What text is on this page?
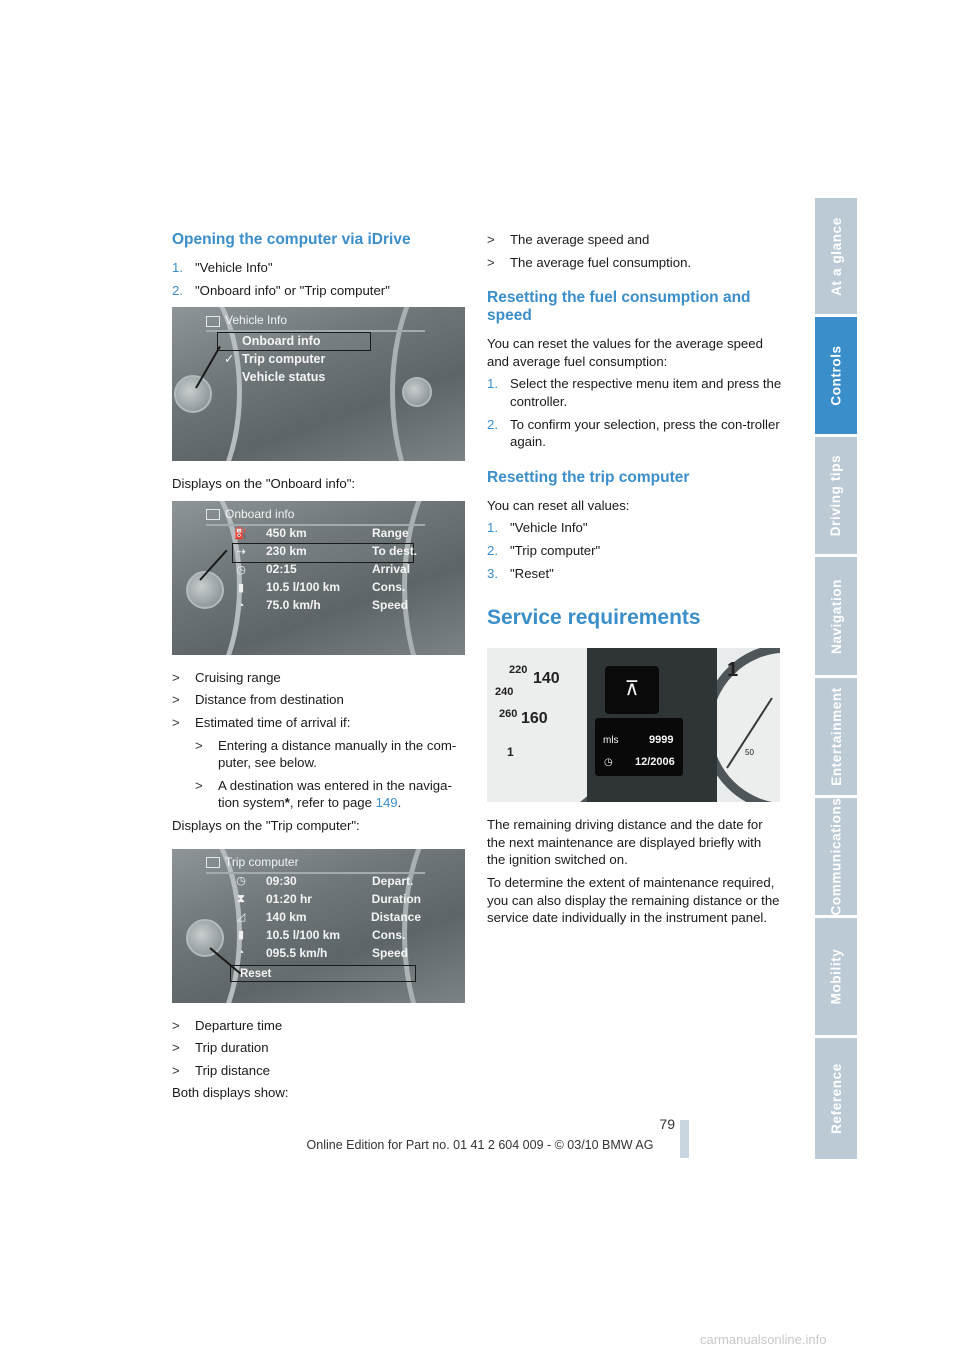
Opening the computer via iDrive
1. "Vehicle Info"
2. "Onboard info" or "Trip computer"
Vehicle Info
Onboard info
✓ Trip computer
Vehicle status

Displays on the "Onboard info":

Onboard info
⛽ 450 km	Range
⇢ 230 km	To dest.
◷ 02:15	Arrival
▮	10.5 l/100 km	Cons.
◔	75.0 km/h	Speed
>	Cruising range
>	Distance from destination
>	Estimated time of arrival if:
>	Entering a distance manually in the com-puter, see below.
>	A destination was entered in the naviga-tion system*, refer to page 149.

Displays on the "Trip computer":

Trip computer
◷ 09:30	Depart.
⧗ 01:20 hr	Duration
◿ 140 km	Distance
▮	10.5 l/100 km	Cons.
◔	095.5 km/h	Speed
Reset
>	Departure time
>	Trip duration
>	Trip distance

Both displays show:

>	The average speed and
>	The average fuel consumption.
Resetting the fuel consumption and speed

You can reset the values for the average speed and average fuel consumption:

1. Select the respective menu item and press the controller.
2. To confirm your selection, press the con-troller again.
Resetting the trip computer

You can reset all values:

1. "Vehicle Info"
2. "Trip computer"
3. "Reset"
Service requirements
220 140
240
260 160
1
⊼
mls	9999
◷ 12/2006
1
50

The remaining driving distance and the date for the next maintenance are displayed briefly with the ignition switched on.

To determine the extent of maintenance required, you can also display the remaining distance or the service date individually in the instrument panel.

At a glance
Controls
Driving tips
Navigation
Entertainment
Communications
Mobility
Reference
79
Online Edition for Part no. 01 41 2 604 009 - © 03/10 BMW AG
carmanualsonline.info
